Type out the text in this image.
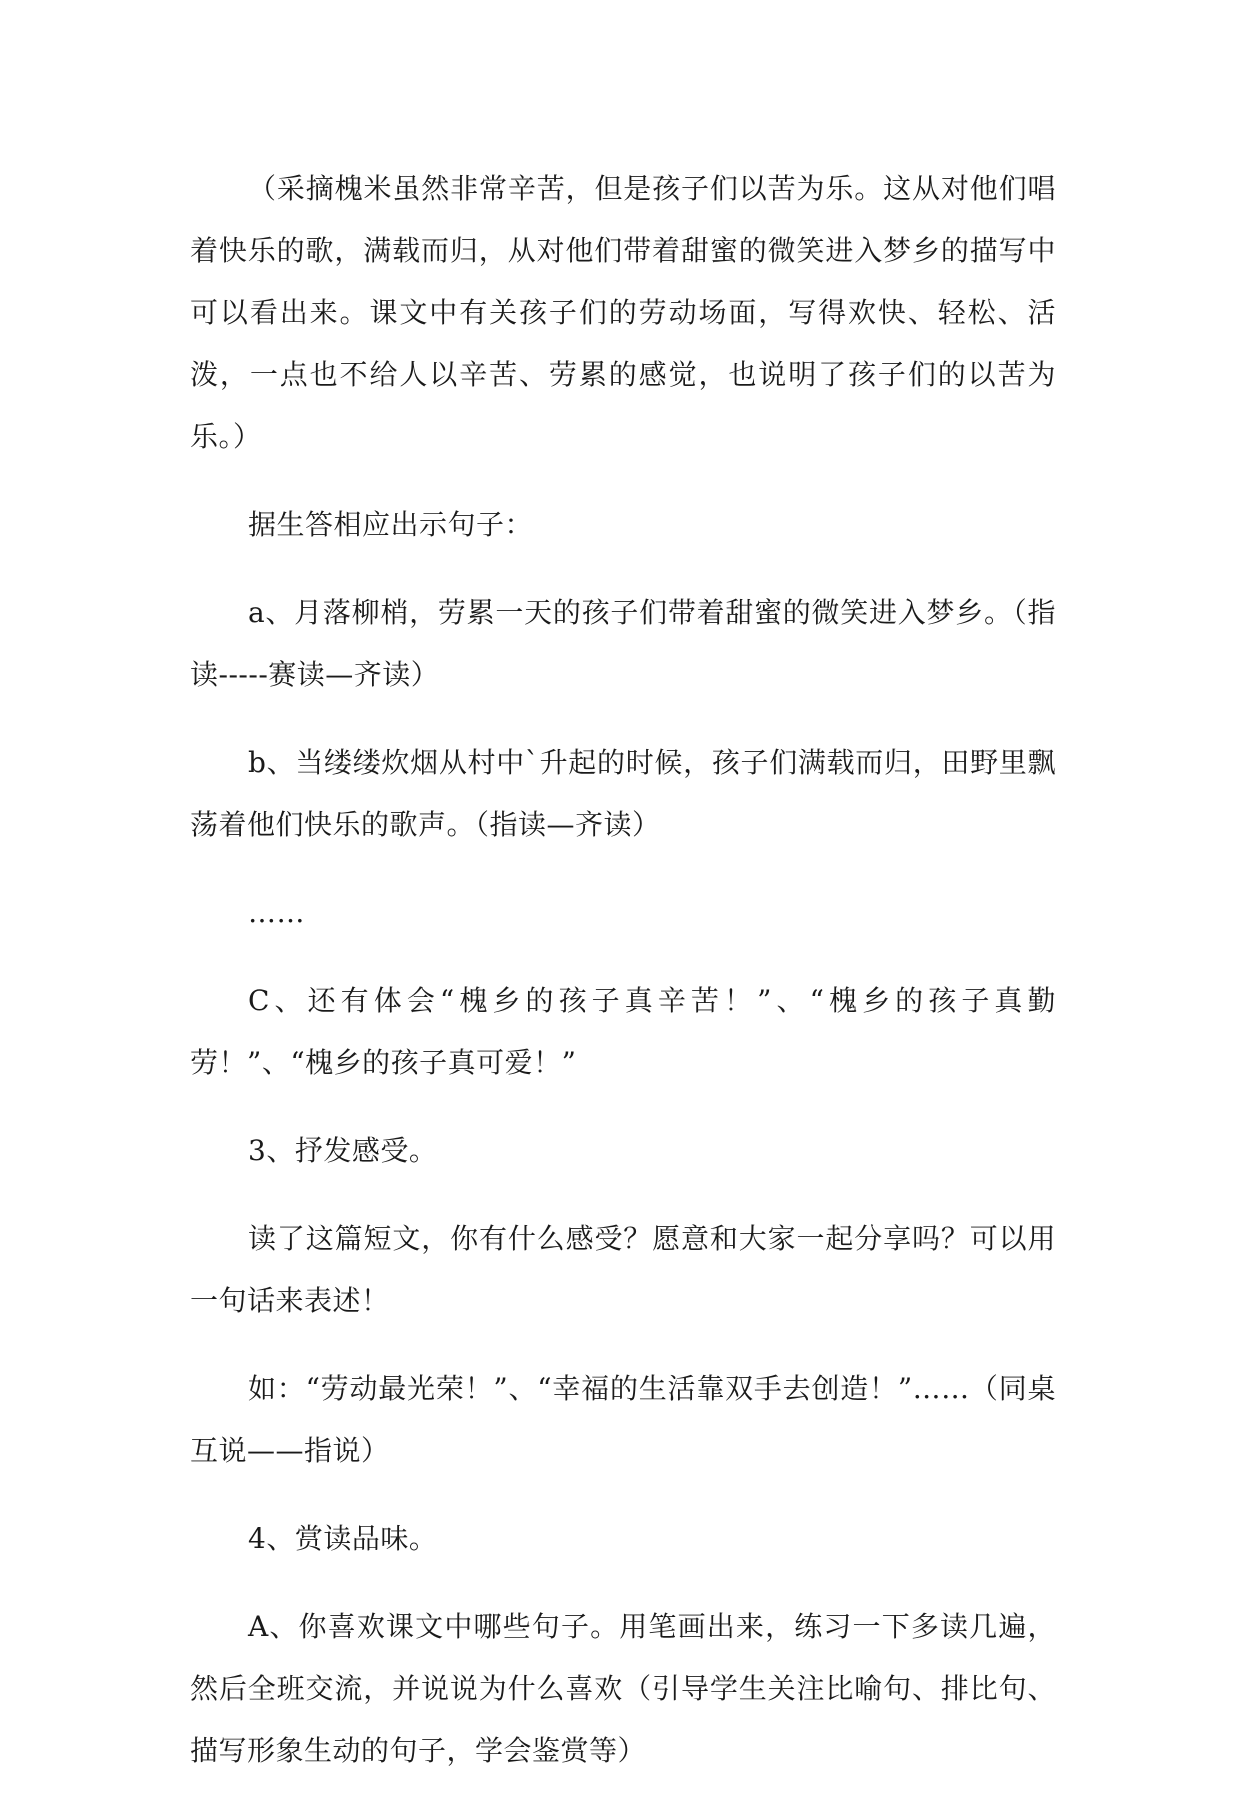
（采摘槐米虽然非常辛苦，但是孩子们以苦为乐。这从对他们唱着快乐的歌，满载而归，从对他们带着甜蜜的微笑进入梦乡的描写中可以看出来。课文中有关孩子们的劳动场面，写得欢快、轻松、活泼，一点也不给人以辛苦、劳累的感觉，也说明了孩子们的以苦为乐。）

据生答相应出示句子：

a、月落柳梢，劳累一天的孩子们带着甜蜜的微笑进入梦乡。（指读-----赛读—齐读）

b、当缕缕炊烟从村中`升起的时候，孩子们满载而归，田野里飘荡着他们快乐的歌声。（指读—齐读）

……

C、还有体会“槐乡的孩子真辛苦！”、“槐乡的孩子真勤劳！”、“槐乡的孩子真可爱！”

3、抒发感受。

读了这篇短文，你有什么感受？愿意和大家一起分享吗？可以用一句话来表述！

如：“劳动最光荣！”、“幸福的生活靠双手去创造！”……（同桌互说——指说）

4、赏读品味。

A、你喜欢课文中哪些句子。用笔画出来，练习一下多读几遍，然后全班交流，并说说为什么喜欢（引导学生关注比喻句、排比句、描写形象生动的句子，学会鉴赏等）
